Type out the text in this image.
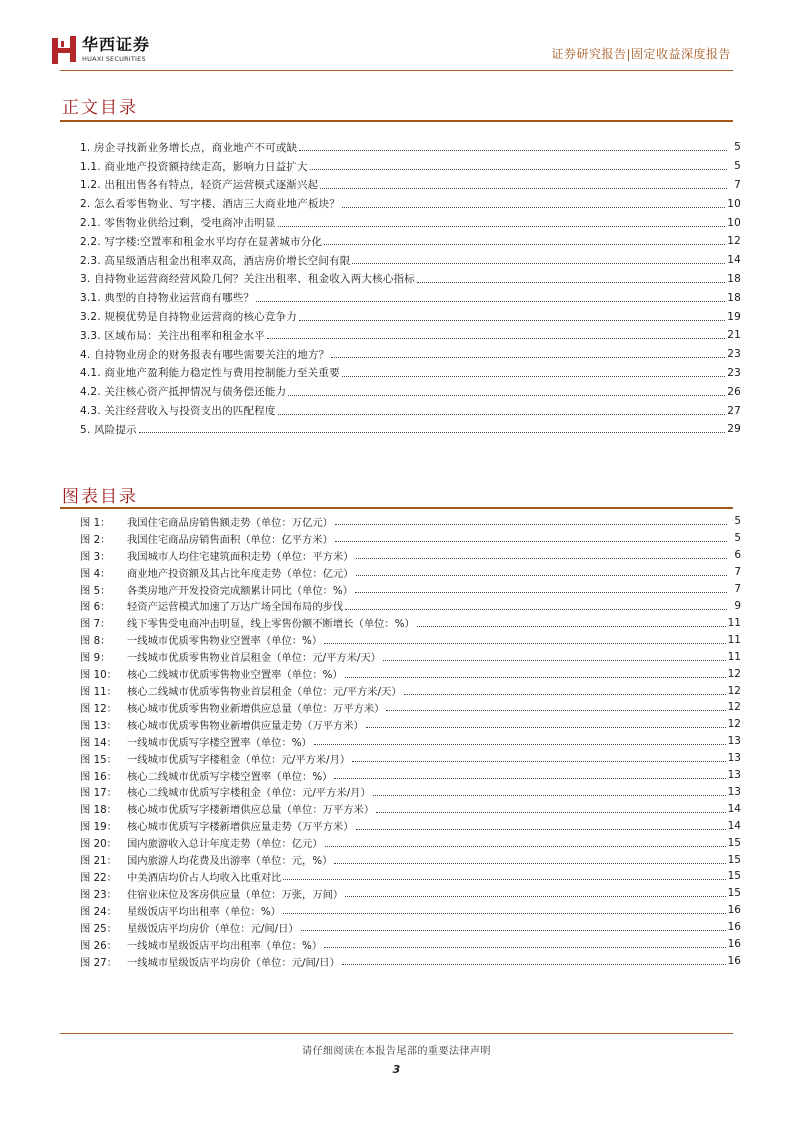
华西证券
HUAXI SECURITIES	证券研究报告|固定收益深度报告
正文目录
1. 房企寻找新业务增长点，商业地产不可或缺	5
1.1. 商业地产投资额持续走高，影响力日益扩大	5
1.2. 出租出售各有特点，轻资产运营模式逐渐兴起	7
2. 怎么看零售物业、写字楼、酒店三大商业地产板块？	10
2.1. 零售物业供给过剩，受电商冲击明显	10
2.2. 写字楼:空置率和租金水平均存在显著城市分化	12
2.3. 高星级酒店租金出租率双高，酒店房价增长空间有限	14
3. 自持物业运营商经营风险几何？关注出租率、租金收入两大核心指标	18
3.1. 典型的自持物业运营商有哪些？	18
3.2. 规模优势是自持物业运营商的核心竞争力	19
3.3. 区域布局：关注出租率和租金水平	21
4. 自持物业房企的财务报表有哪些需要关注的地方？	23
4.1. 商业地产盈利能力稳定性与费用控制能力至关重要	23
4.2. 关注核心资产抵押情况与债务偿还能力	26
4.3. 关注经营收入与投资支出的匹配程度	27
5. 风险提示	29
图表目录
图 1：	我国住宅商品房销售额走势（单位：万亿元）	5
图 2：	我国住宅商品房销售面积（单位：亿平方米）	5
图 3：	我国城市人均住宅建筑面积走势（单位：平方米）	6
图 4：	商业地产投资额及其占比年度走势（单位：亿元）	7
图 5：	各类房地产开发投资完成额累计同比（单位：%）	7
图 6：	轻资产运营模式加速了万达广场全国布局的步伐	9
图 7：	线下零售受电商冲击明显，线上零售份额不断增长（单位：%）	11
图 8：	一线城市优质零售物业空置率（单位：%）	11
图 9：	一线城市优质零售物业首层租金（单位：元/平方米/天）	11
图 10： 核心二线城市优质零售物业空置率（单位：%）	12
图 11： 核心二线城市优质零售物业首层租金（单位：元/平方米/天）	12
图 12： 核心城市优质零售物业新增供应总量（单位：万平方米）	12
图 13： 核心城市优质零售物业新增供应量走势（万平方米）	12
图 14： 一线城市优质写字楼空置率（单位：%）	13
图 15： 一线城市优质写字楼租金（单位：元/平方米/月）	13
图 16： 核心二线城市优质写字楼空置率（单位：%）	13
图 17： 核心二线城市优质写字楼租金（单位：元/平方米/月）	13
图 18： 核心城市优质写字楼新增供应总量（单位：万平方米）	14
图 19： 核心城市优质写字楼新增供应量走势（万平方米）	14
图 20： 国内旅游收入总计年度走势（单位：亿元）	15
图 21： 国内旅游人均花费及出游率（单位：元，%）	15
图 22： 中美酒店均价占人均收入比重对比	15
图 23： 住宿业床位及客房供应量（单位：万张，万间）	15
图 24： 星级饭店平均出租率（单位：%）	16
图 25： 星级饭店平均房价（单位：元/间/日）	16
图 26： 一线城市星级饭店平均出租率（单位：%）	16
图 27： 一线城市星级饭店平均房价（单位：元/间/日）	16
请仔细阅读在本报告尾部的重要法律声明
3
